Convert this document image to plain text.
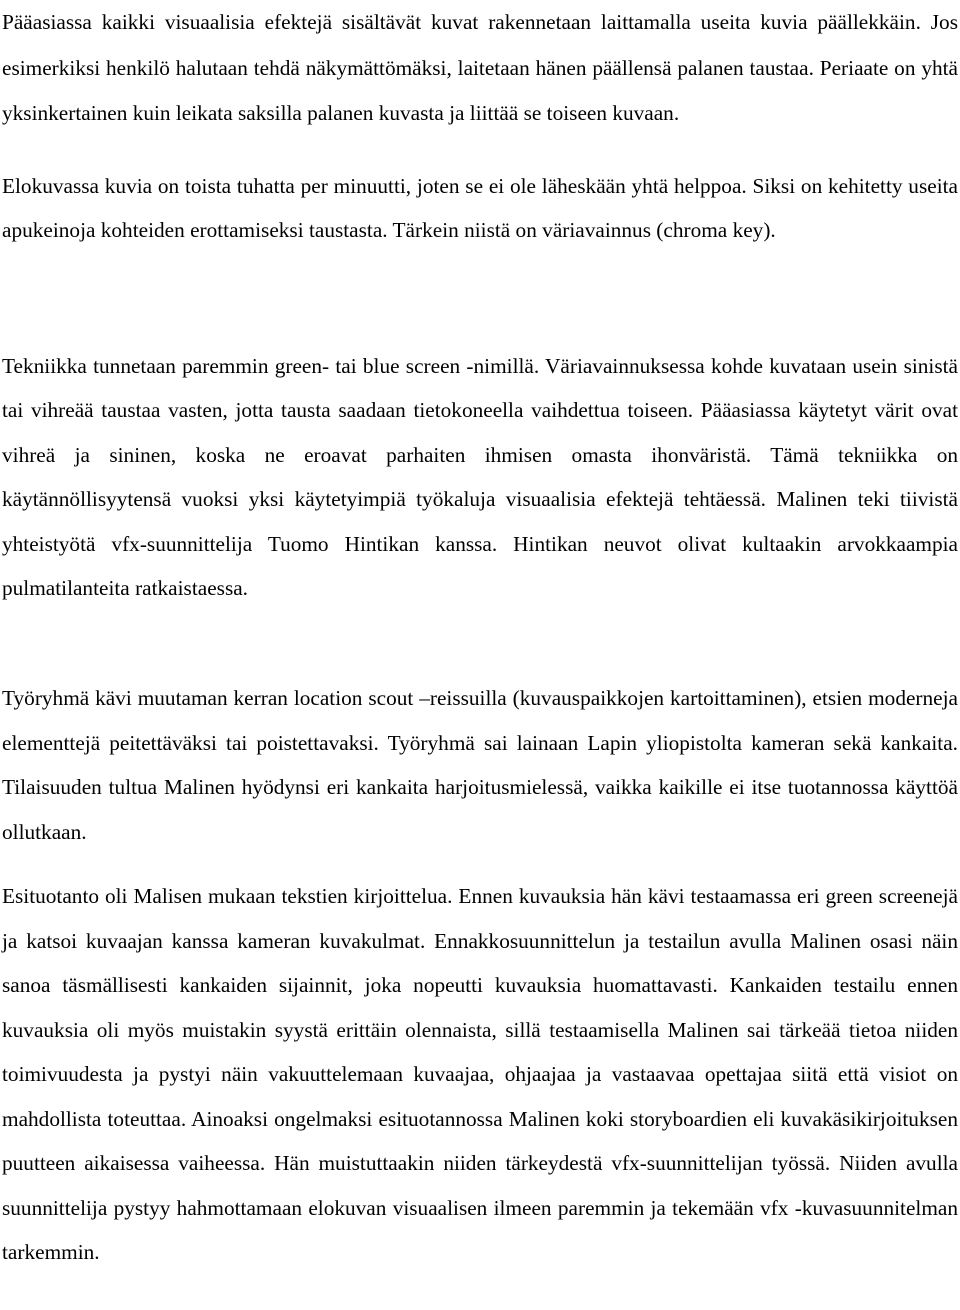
Pääasiassa kaikki visuaalisia efektejä sisältävät kuvat rakennetaan laittamalla useita kuvia päällekkäin. Jos esimerkiksi henkilö halutaan tehdä näkymättömäksi, laitetaan hänen päällensä palanen taustaa. Periaate on yhtä yksinkertainen kuin leikata saksilla palanen kuvasta ja liittää se toiseen kuvaan.

Elokuvassa kuvia on toista tuhatta per minuutti, joten se ei ole läheskään yhtä helppoa. Siksi on kehitetty useita apukeinoja kohteiden erottamiseksi taustasta. Tärkein niistä on väriavainnus (chroma key).

Tekniikka tunnetaan paremmin green- tai blue screen -nimillä. Väriavainnuksessa kohde kuvataan usein sinistä tai vihreää taustaa vasten, jotta tausta saadaan tietokoneella vaihdettua toiseen. Pääasiassa käytetyt värit ovat vihreä ja sininen, koska ne eroavat parhaiten ihmisen omasta ihonväristä. Tämä tekniikka on käytännöllisyytensä vuoksi yksi käytetyimpiä työkaluja visuaalisia efektejä tehtäessä. Malinen teki tiivistä yhteistyötä vfx-suunnittelija Tuomo Hintikan kanssa. Hintikan neuvot olivat kultaakin arvokkaampia pulmatilanteita ratkaistaessa.

Työryhmä kävi muutaman kerran location scout –reissuilla (kuvauspaikkojen kartoittaminen), etsien moderneja elementtejä peitettäväksi tai poistettavaksi. Työryhmä sai lainaan Lapin yliopistolta kameran sekä kankaita. Tilaisuuden tultua Malinen hyödynsi eri kankaita harjoitusmielessä, vaikka kaikille ei itse tuotannossa käyttöä ollutkaan.

Esituotanto oli Malisen mukaan tekstien kirjoittelua. Ennen kuvauksia hän kävi testaamassa eri green screenejä ja katsoi kuvaajan kanssa kameran kuvakulmat. Ennakkosuunnittelun ja testailun avulla Malinen osasi näin sanoa täsmällisesti kankaiden sijainnit, joka nopeutti kuvauksia huomattavasti. Kankaiden testailu ennen kuvauksia oli myös muistakin syystä erittäin olennaista, sillä testaamisella Malinen sai tärkeää tietoa niiden toimivuudesta ja pystyi näin vakuuttelemaan kuvaajaa, ohjaajaa ja vastaavaa opettajaa siitä että visiot on mahdollista toteuttaa. Ainoaksi ongelmaksi esituotannossa Malinen koki storyboardien eli kuvakäsikirjoituksen puutteen aikaisessa vaiheessa. Hän muistuttaakin niiden tärkeydestä vfx-suunnittelijan työssä. Niiden avulla suunnittelija pystyy hahmottamaan elokuvan visuaalisen ilmeen paremmin ja tekemään vfx -kuvasuunnitelman tarkemmin.
